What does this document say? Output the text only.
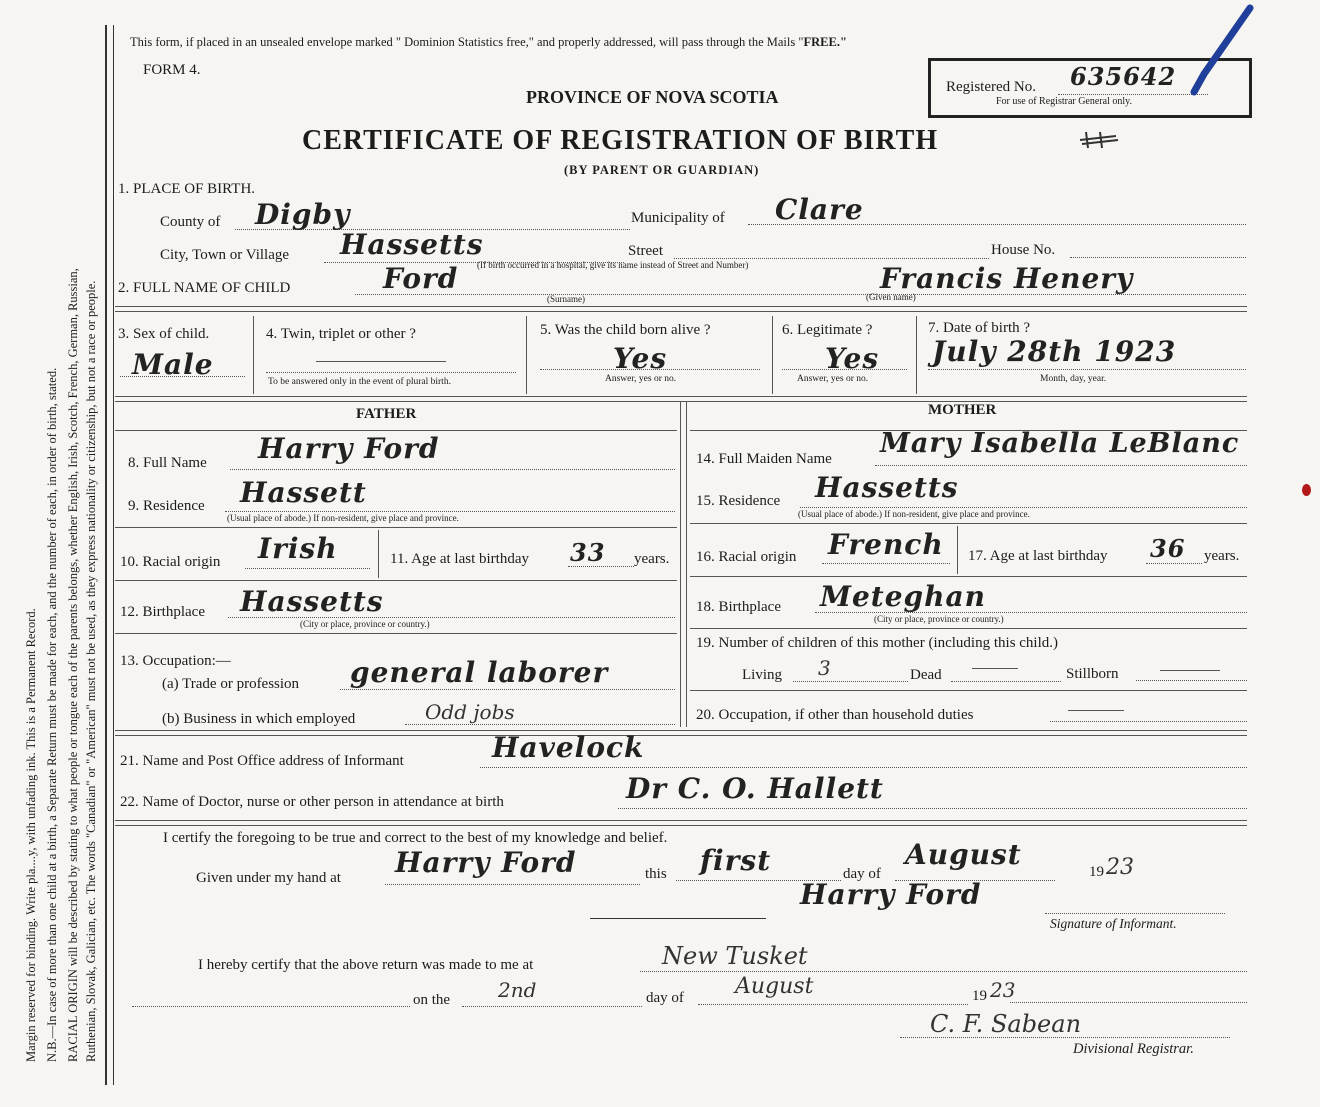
Margin reserved for binding. Write pla....y, with unfading ink. This is a Permanent Record. N.B.—In case of more than one child at a birth, a Separate Return must be made for each, and the number of each, in order of birth, stated. RACIAL ORIGIN will be described by stating to what people or tongue each of the parents belongs, whether English, Irish, Scotch, French, German, Russian, Ruthenian, Slovak, Galician, etc. The words "Canadian" or "American" must not be used, as they express nationality or citizenship, but not a race or people.
This form, if placed in an unsealed envelope marked " Dominion Statistics free," and properly addressed, will pass through the Mails "FREE."
FORM 4.
PROVINCE OF NOVA SCOTIA
CERTIFICATE OF REGISTRATION OF BIRTH
(BY PARENT OR GUARDIAN)
Registered No. 635642
For use of Registrar General only.
1. PLACE OF BIRTH.
County of Digby	Municipality of Clare
City, Town or Village Hassetts	Street	House No.
2. FULL NAME OF CHILD
(If birth occurred in a hospital, give its name instead of Street and Number)
Ford
(Surname)
Francis Henery
(Given name)
3. Sex of child.
Male
4. Twin, triplet or other ?
To be answered only in the event of plural birth.
5. Was the child born alive ?
Yes
Answer, yes or no.
6. Legitimate ?
Yes
Answer, yes or no.
7. Date of birth ?
July 28th 1923
Month, day, year.
FATHER	MOTHER
8. Full Name Harry Ford
9. Residence Hassett
(Usual place of abode.) If non-resident, give place and province.
10. Racial origin Irish	11. Age at last birthday 33 years.
12. Birthplace Hassetts
(City or place, province or country.)
13. Occupation:—
(a) Trade or profession general laborer
(b) Business in which employed	Odd jobs
14. Full Maiden Name Mary Isabella LeBlanc
15. Residence Hassetts
(Usual place of abode.) If non-resident, give place and province.
16. Racial origin French 17. Age at last birthday 36 years.
18. Birthplace Meteghan
(City or place, province or country.)
19. Number of children of this mother (including this child.)
Living 3	Dead	Stillborn
20. Occupation, if other than household duties
21. Name and Post Office address of Informant	Havelock
22. Name of Doctor, nurse or other person in attendance at birth	Dr C. O. Hallett
I certify the foregoing to be true and correct to the best of my knowledge and belief.
Given under my hand at Harry Ford	this first	day of
August
19 23
Harry Ford
Signature of Informant.
I hereby certify that the above return was made to me at	New Tusket
on the 2nd	day of August	19 23
C. F. Sabean
Divisional Registrar.
